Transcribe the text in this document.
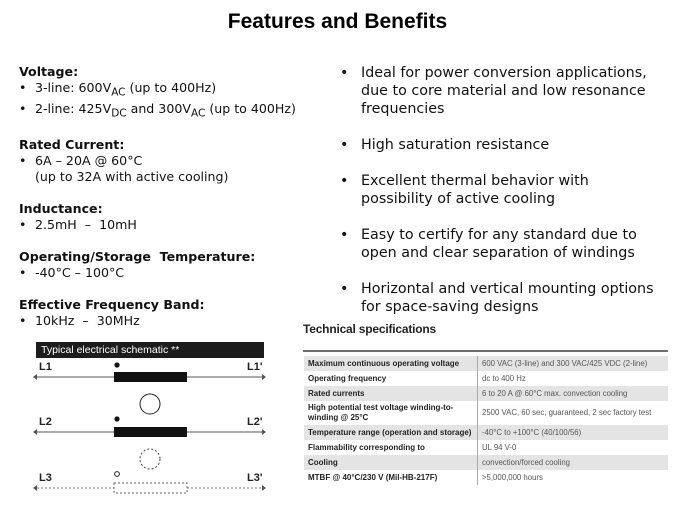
Features and Benefits
Voltage:
• 3-line: $600V_{AC}$ (up to 400Hz)
• 2-line: $425V_{DC}$ and $300V_{AC}$ (up to 400Hz)
Rated Current:
• 6A – 20A @ 60°C
(up to 32A with active cooling)
Inductance:
• 2.5mH  –  10mH
Operating/Storage  Temperature:
• -40°C – 100°C
Effective Frequency Band:
• 10kHz  –  30MHz
• Ideal for power conversion applications, due to core material and low resonance frequencies
• High saturation resistance
• Excellent thermal behavior with possibility of active cooling
• Easy to certify for any standard due to open and clear separation of windings
• Horizontal and vertical mounting options for space-saving designs
Typical electrical schematic **
L1	L1'
L2	L2'
L3	L3'
Technical specifications
Maximum continuous operating voltage	600 VAC (3-line) and 300 VAC/425 VDC (2-line)
Operating frequency	dc to 400 Hz
Rated currents	6 to 20 A @ 60°C max. convection cooling
High potential test voltage winding-to-winding @ 25°C	2500 VAC, 60 sec, guaranteed, 2 sec factory test
Temperature range (operation and storage)	-40°C to +100°C (40/100/56)
Flammability corresponding to	UL 94 V-0
Cooling	convection/forced cooling
MTBF @ 40°C/230 V (Mil-HB-217F)	>5,000,000 hours
